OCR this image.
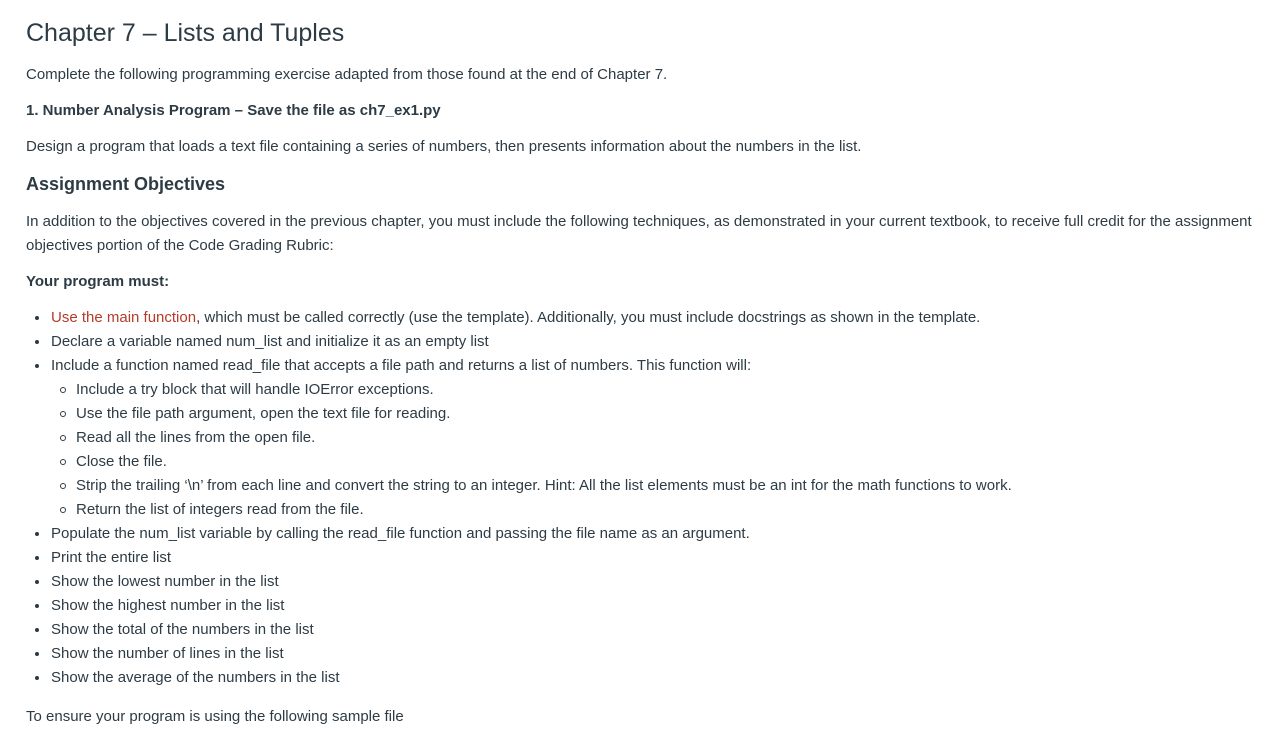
Chapter 7 – Lists and Tuples

Complete the following programming exercise adapted from those found at the end of Chapter 7.

1. Number Analysis Program – Save the file as ch7_ex1.py

Design a program that loads a text file containing a series of numbers, then presents information about the numbers in the list.

Assignment Objectives

In addition to the objectives covered in the previous chapter, you must include the following techniques, as demonstrated in your current textbook, to receive full credit for the assignment objectives portion of the Code Grading Rubric:

Your program must:

Use the main function, which must be called correctly (use the template). Additionally, you must include docstrings as shown in the template.
Declare a variable named num_list and initialize it as an empty list
Include a function named read_file that accepts a file path and returns a list of numbers. This function will:
Include a try block that will handle IOError exceptions.
Use the file path argument, open the text file for reading.
Read all the lines from the open file.
Close the file.
Strip the trailing ‘\n’ from each line and convert the string to an integer. Hint: All the list elements must be an int for the math functions to work.
Return the list of integers read from the file.
Populate the num_list variable by calling the read_file function and passing the file name as an argument.
Print the entire list
Show the lowest number in the list
Show the highest number in the list
Show the total of the numbers in the list
Show the number of lines in the list
Show the average of the numbers in the list
To ensure your program is using the following sample file
